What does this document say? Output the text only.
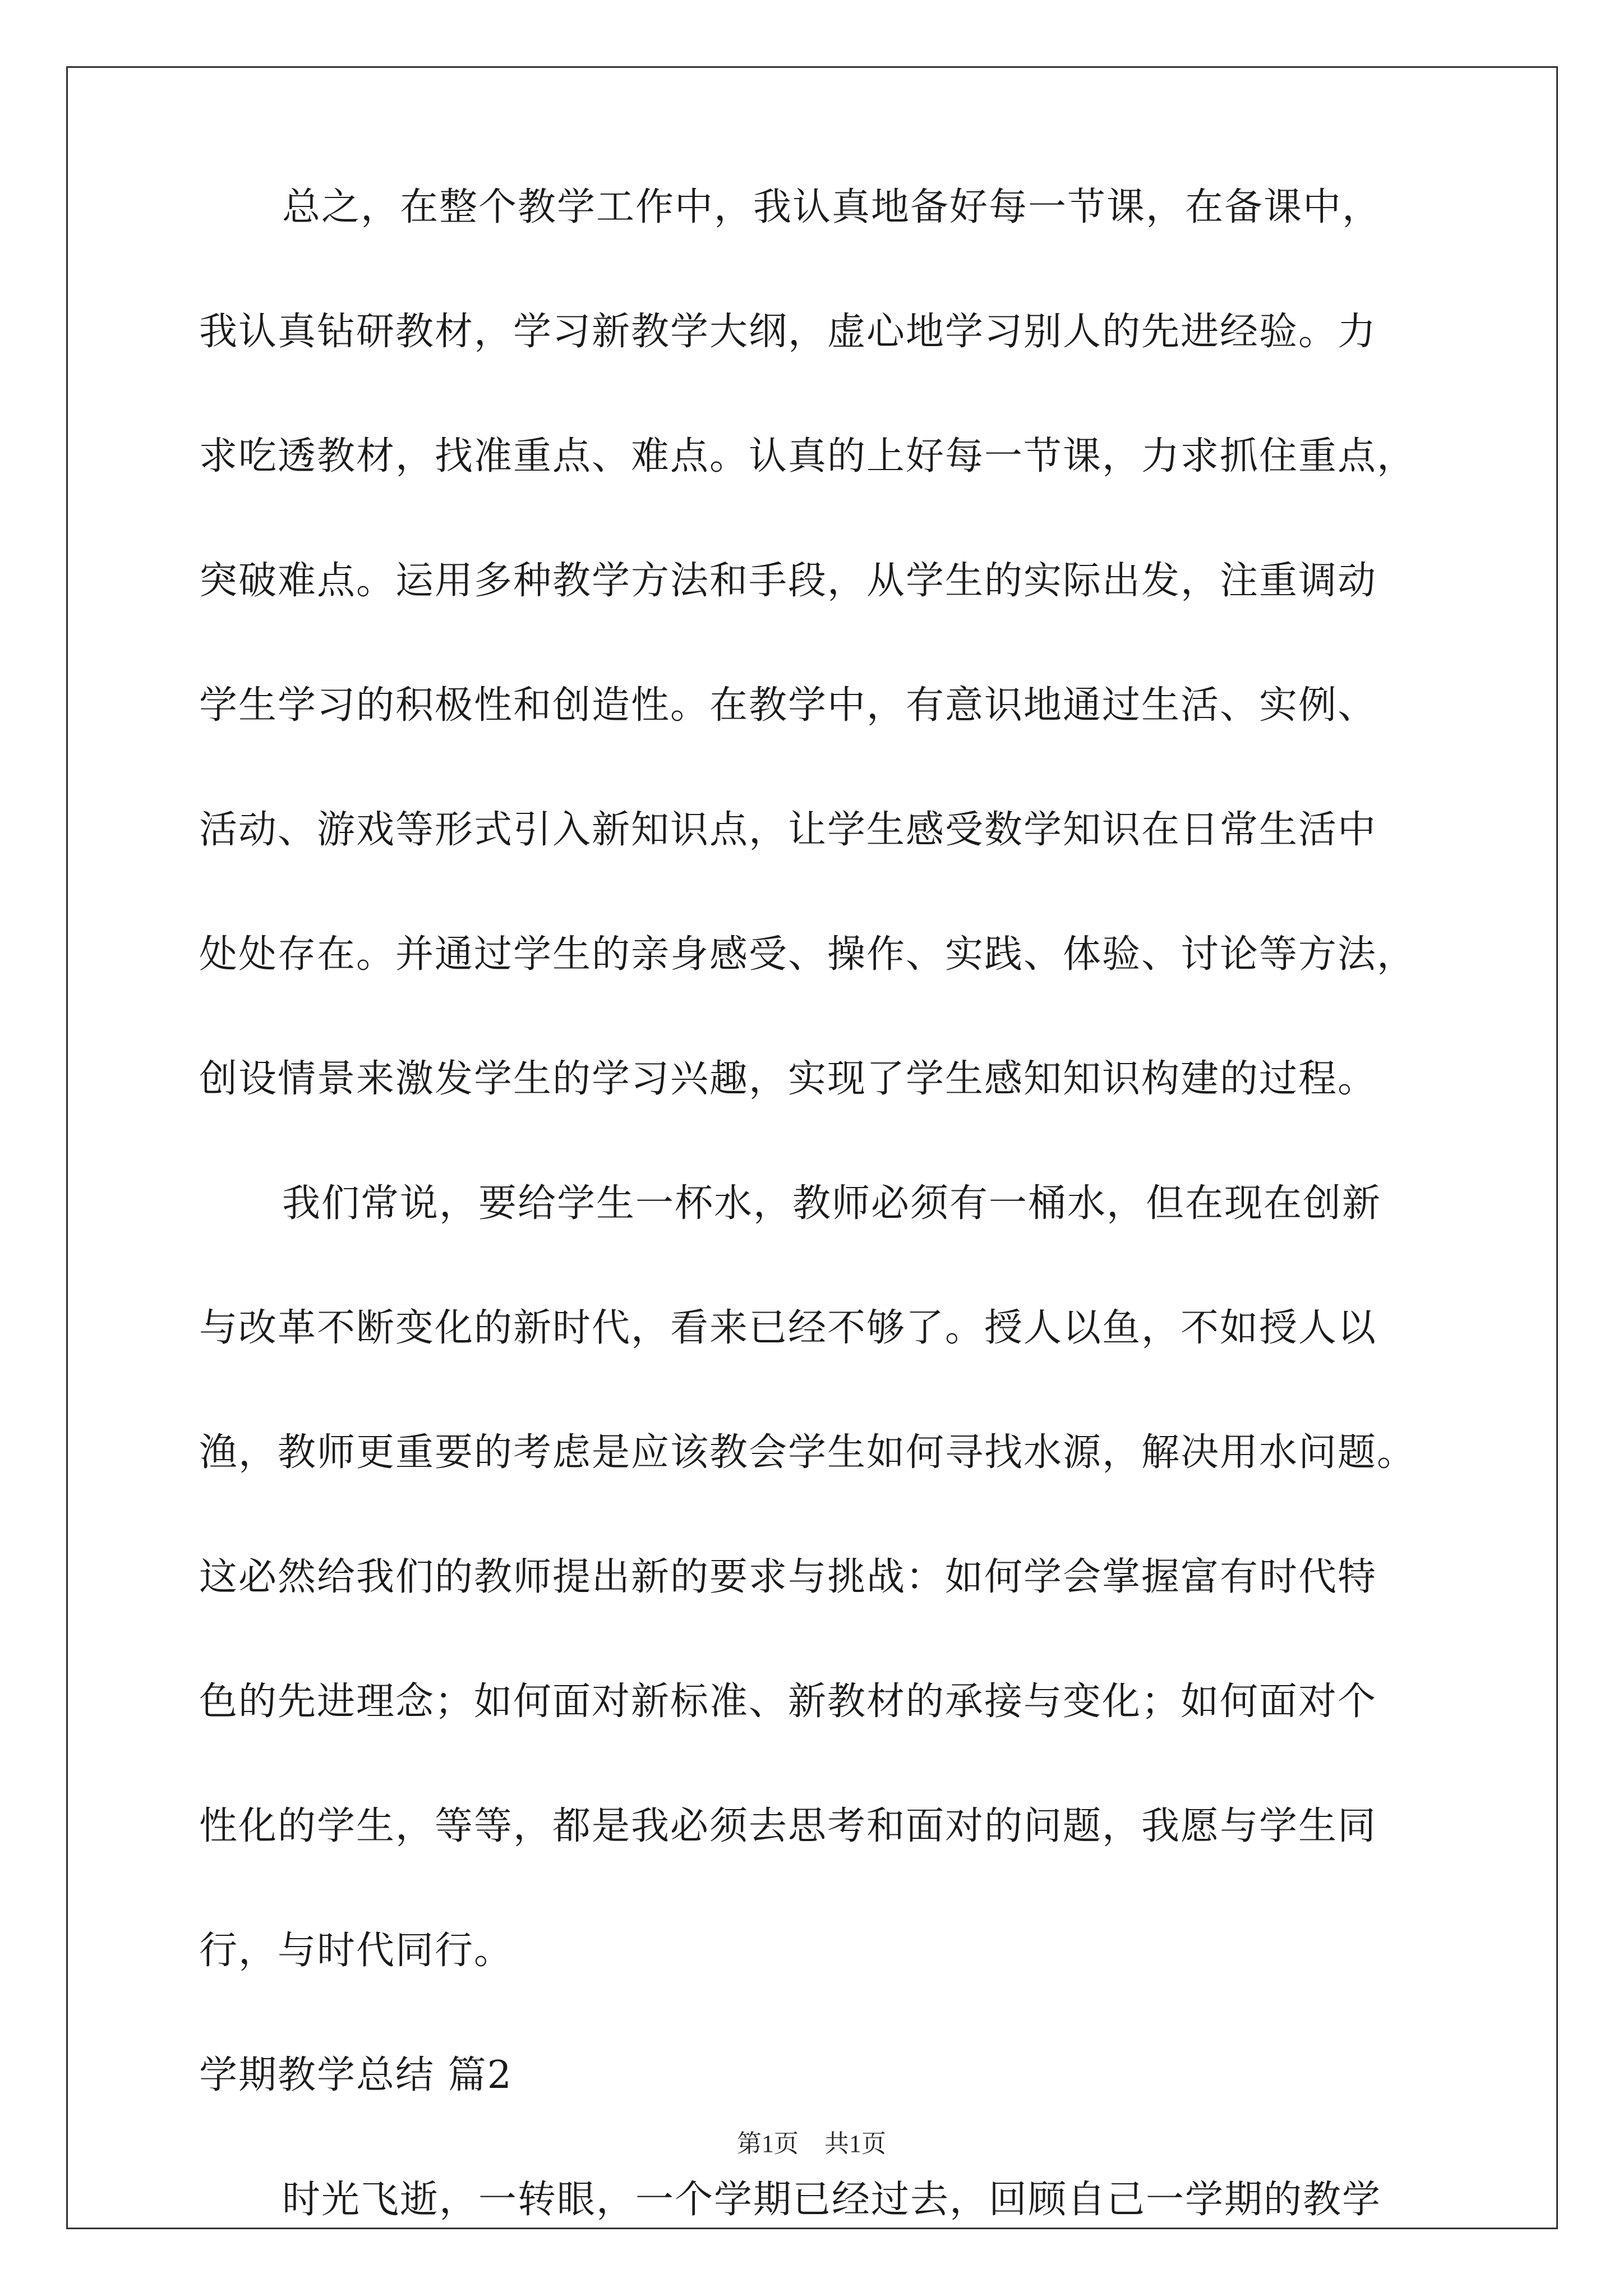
总之，在整个教学工作中，我认真地备好每一节课，在备课中，
我认真钻研教材，学习新教学大纲，虚心地学习别人的先进经验。力
求吃透教材，找准重点、难点。认真的上好每一节课，力求抓住重点，
突破难点。运用多种教学方法和手段，从学生的实际出发，注重调动
学生学习的积极性和创造性。在教学中，有意识地通过生活、实例、
活动、游戏等形式引入新知识点，让学生感受数学知识在日常生活中
处处存在。并通过学生的亲身感受、操作、实践、体验、讨论等方法，
创设情景来激发学生的学习兴趣，实现了学生感知知识构建的过程。
我们常说，要给学生一杯水，教师必须有一桶水，但在现在创新
与改革不断变化的新时代，看来已经不够了。授人以鱼，不如授人以
渔，教师更重要的考虑是应该教会学生如何寻找水源，解决用水问题。
这必然给我们的教师提出新的要求与挑战：如何学会掌握富有时代特
色的先进理念；如何面对新标准、新教材的承接与变化；如何面对个
性化的学生，等等，都是我必须去思考和面对的问题，我愿与学生同
行，与时代同行。
学期教学总结 篇2
时光飞逝，一转眼，一个学期已经过去，回顾自己一学期的教学
第1页 共1页
